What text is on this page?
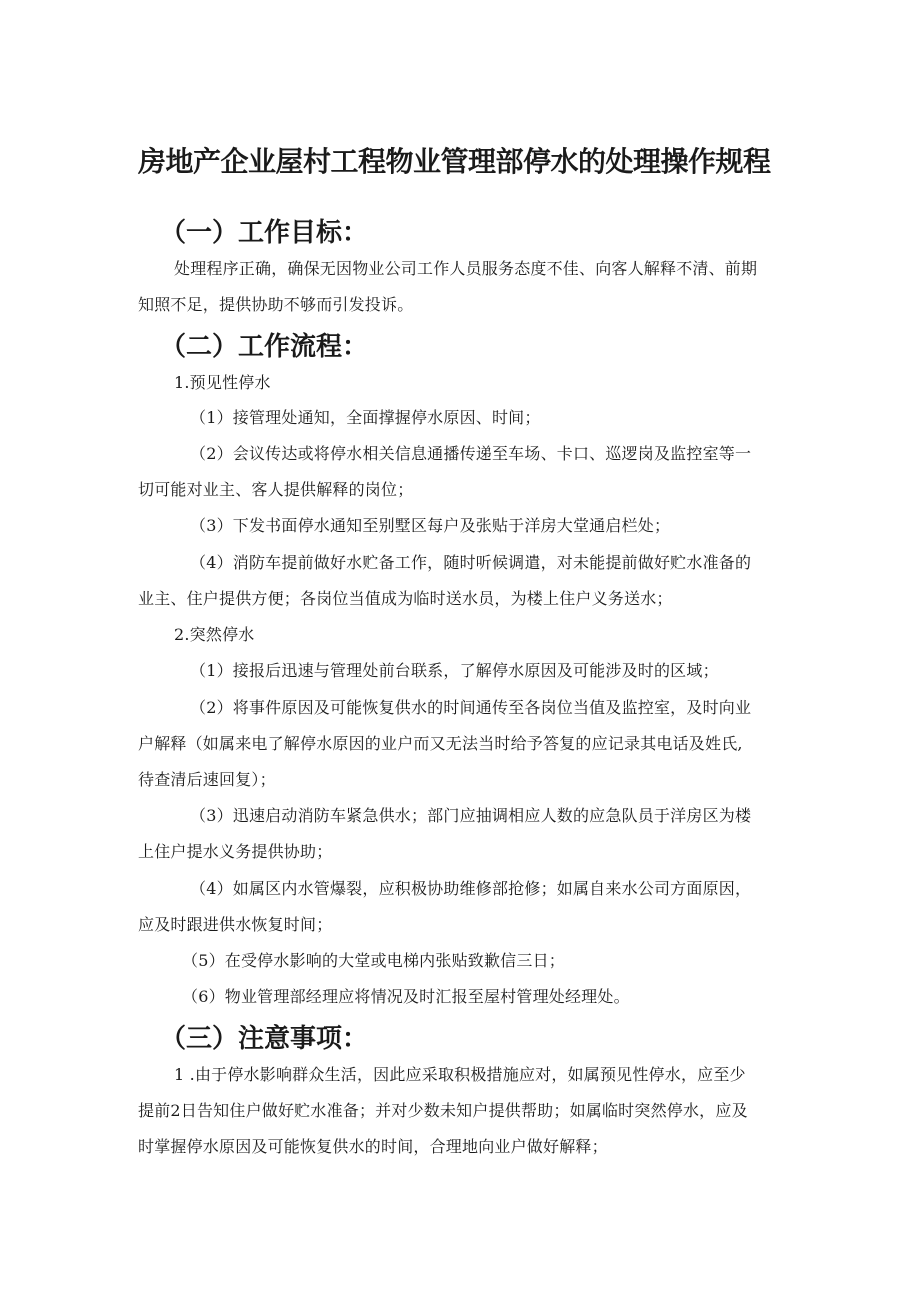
房地产企业屋村工程物业管理部停水的处理操作规程
（一）工作目标：
处理程序正确，确保无因物业公司工作人员服务态度不佳、向客人解释不清、前期
知照不足，提供协助不够而引发投诉。
（二）工作流程：
1.预见性停水
（1）接管理处通知，全面撑握停水原因、时间；
（2）会议传达或将停水相关信息通播传递至车场、卡口、巡逻岗及监控室等一
切可能对业主、客人提供解释的岗位；
（3）下发书面停水通知至别墅区每户及张贴于洋房大堂通启栏处；
（4）消防车提前做好水贮备工作，随时听候调遣，对未能提前做好贮水准备的
业主、住户提供方便；各岗位当值成为临时送水员，为楼上住户义务送水；
2.突然停水
（1）接报后迅速与管理处前台联系，了解停水原因及可能涉及时的区域；
（2）将事件原因及可能恢复供水的时间通传至各岗位当值及监控室，及时向业
户解释（如属来电了解停水原因的业户而又无法当时给予答复的应记录其电话及姓氏,
待查清后速回复）；
（3）迅速启动消防车紧急供水；部门应抽调相应人数的应急队员于洋房区为楼
上住户提水义务提供协助；
（4）如属区内水管爆裂，应积极协助维修部抢修；如属自来水公司方面原因，
应及时跟进供水恢复时间；
（5）在受停水影响的大堂或电梯内张贴致歉信三日；
（6）物业管理部经理应将情况及时汇报至屋村管理处经理处。
（三）注意事项：
1 .由于停水影响群众生活，因此应采取积极措施应对，如属预见性停水，应至少
提前2日告知住户做好贮水准备；并对少数未知户提供帮助；如属临时突然停水，应及
时掌握停水原因及可能恢复供水的时间，合理地向业户做好解释；
